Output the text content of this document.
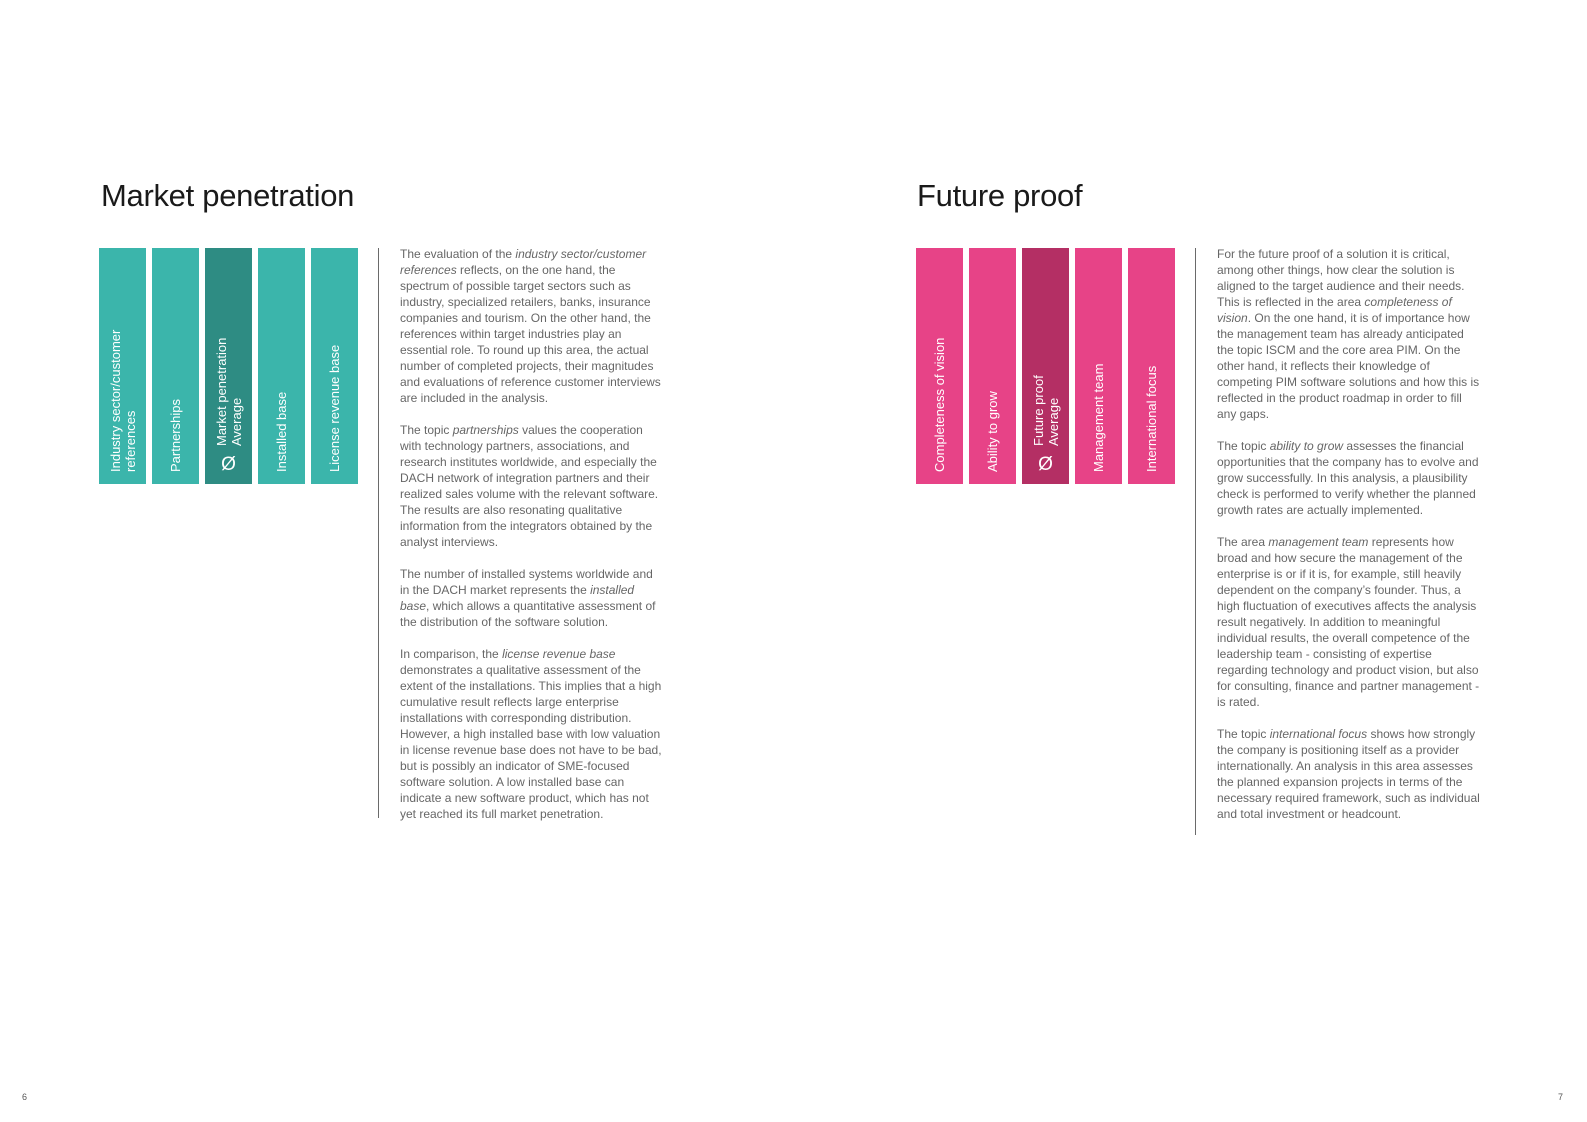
Market penetration
Industry sector/customer references Partnerships Market penetration Average
Ø	Installed base	License revenue base

The evaluation of the industry sector/customer references reflects, on the one hand, the spectrum of possible target sectors such as industry, specialized retailers, banks, insurance companies and tourism. On the other hand, the references within target industries play an essential role. To round up this area, the actual number of completed projects, their magnitudes and evaluations of reference customer interviews are included in the analysis.

The topic partnerships values the cooperation with technology partners, associations, and research institutes worldwide, and especially the DACH network of integration partners and their realized sales volume with the relevant software. The results are also resonating qualitative information from the integrators obtained by the analyst interviews.

The number of installed systems worldwide and in the DACH market represents the installed base, which allows a quantitative assessment of the distribution of the software solution.

In comparison, the license revenue base demonstrates a qualitative assessment of the extent of the installations. This implies that a high cumulative result reflects large enterprise installations with corresponding distribution. However, a high installed base with low valuation in license revenue base does not have to be bad, but is possibly an indicator of SME-focused software solution. A low installed base can indicate a new software product, which has not yet reached its full market penetration.

6
Future proof
Completeness of vision	Ability to grow Future proof Average
Ø	Management team	International focus

For the future proof of a solution it is critical, among other things, how clear the solution is aligned to the target audience and their needs. This is reflected in the area completeness of vision. On the one hand, it is of importance how the management team has already anticipated the topic ISCM and the core area PIM. On the other hand, it reflects their knowledge of competing PIM software solutions and how this is reflected in the product roadmap in order to fill any gaps.

The topic ability to grow assesses the financial opportunities that the company has to evolve and grow successfully. In this analysis, a plausibility check is performed to verify whether the planned growth rates are actually implemented.

The area management team represents how broad and how secure the management of the enterprise is or if it is, for example, still heavily dependent on the company’s founder. Thus, a high fluctuation of executives affects the analysis result negatively. In addition to meaningful individual results, the overall competence of the leadership team - consisting of expertise regarding technology and product vision, but also for consulting, finance and partner management - is rated.

The topic international focus shows how strongly the company is positioning itself as a provider internationally. An analysis in this area assesses the planned expansion projects in terms of the necessary required framework, such as individual and total investment or headcount.

7
